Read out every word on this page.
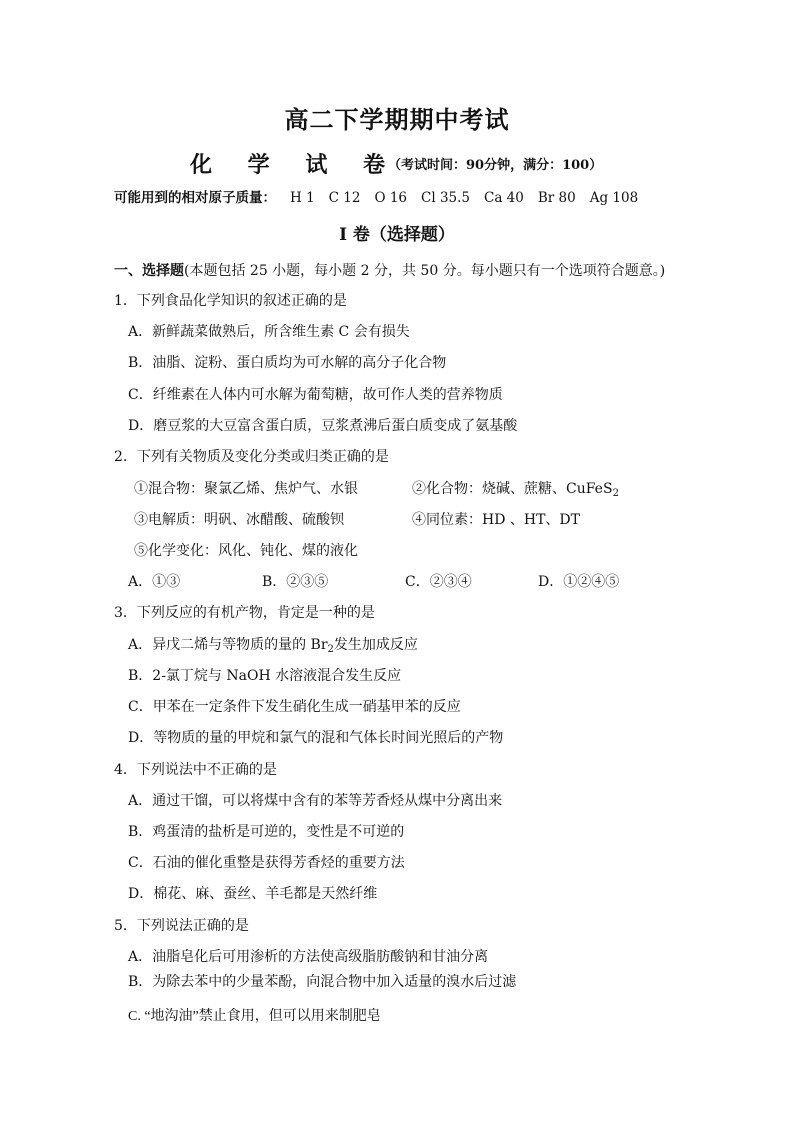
高二下学期期中考试
化 学 试 卷
（考试时间：90分钟，满分：100）
可能用到的相对原子质量： H 1 C 12 O 16 Cl 35.5 Ca 40 Br 80 Ag 108
I 卷（选择题）
一、选择题(本题包括 25 小题，每小题 2 分，共 50 分。每小题只有一个选项符合题意。)
1．下列食品化学知识的叙述正确的是
A．新鲜蔬菜做熟后，所含维生素 C 会有损失
B．油脂、淀粉、蛋白质均为可水解的高分子化合物
C．纤维素在人体内可水解为葡萄糖，故可作人类的营养物质
D．磨豆浆的大豆富含蛋白质，豆浆煮沸后蛋白质变成了氨基酸
2．下列有关物质及变化分类或归类正确的是
①混合物：聚氯乙烯、焦炉气、水银	②化合物：烧碱、蔗糖、CuFeS$_2$
③电解质：明矾、冰醋酸、硫酸钡	④同位素：HD 、HT、DT
⑤化学变化：风化、钝化、煤的液化
A．①③	B．②③⑤	C．②③④	D．①②④⑤
3．下列反应的有机产物，肯定是一种的是
A．异戊二烯与等物质的量的 $Br_2$发生加成反应
B．2-氯丁烷与 NaOH 水溶液混合发生反应
C．甲苯在一定条件下发生硝化生成一硝基甲苯的反应
D．等物质的量的甲烷和氯气的混和气体长时间光照后的产物
4．下列说法中不正确的是
A．通过干馏，可以将煤中含有的苯等芳香烃从煤中分离出来
B．鸡蛋清的盐析是可逆的，变性是不可逆的
C．石油的催化重整是获得芳香烃的重要方法
D．棉花、麻、蚕丝、羊毛都是天然纤维
5．下列说法正确的是
A．油脂皂化后可用渗析的方法使高级脂肪酸钠和甘油分离
B．为除去苯中的少量苯酚，向混合物中加入适量的溴水后过滤
C. “地沟油”禁止食用，但可以用来制肥皂
